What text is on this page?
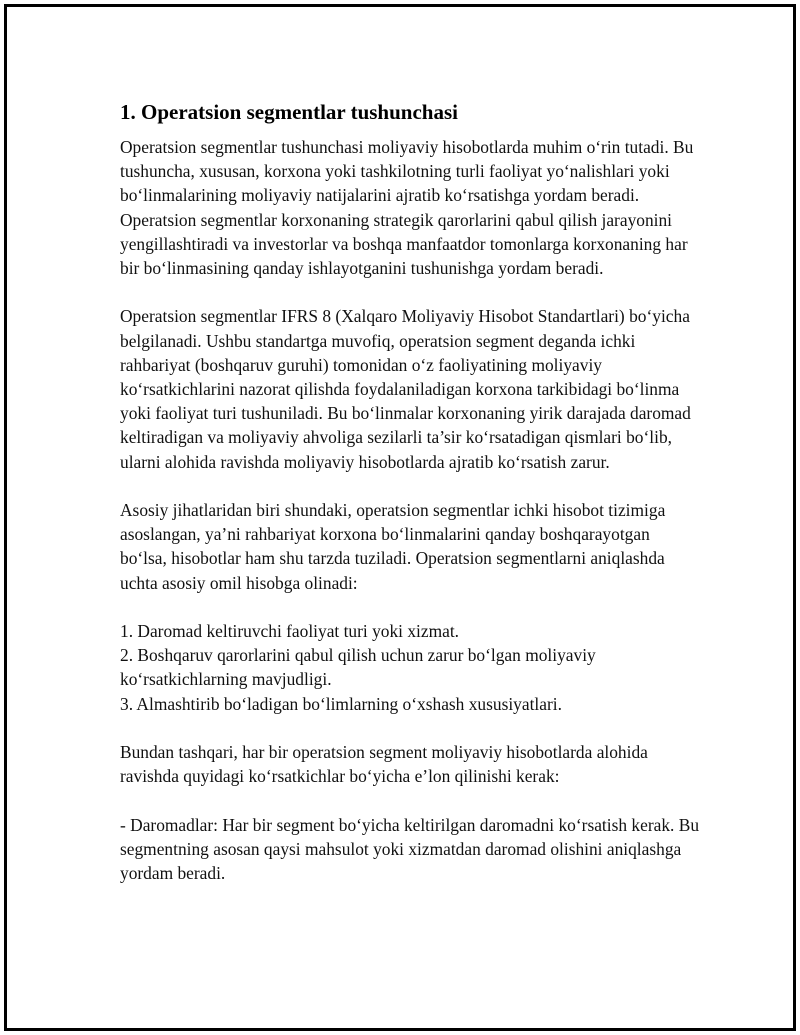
1. Operatsion segmentlar tushunchasi

Operatsion segmentlar tushunchasi moliyaviy hisobotlarda muhim o‘rin tutadi. Bu tushuncha, xususan, korxona yoki tashkilotning turli faoliyat yo‘nalishlari yoki bo‘linmalarining moliyaviy natijalarini ajratib ko‘rsatishga yordam beradi. Operatsion segmentlar korxonaning strategik qarorlarini qabul qilish jarayonini yengillashtiradi va investorlar va boshqa manfaatdor tomonlarga korxonaning har bir bo‘linmasining qanday ishlayotganini tushunishga yordam beradi.

Operatsion segmentlar IFRS 8 (Xalqaro Moliyaviy Hisobot Standartlari) bo‘yicha belgilanadi. Ushbu standartga muvofiq, operatsion segment deganda ichki rahbariyat (boshqaruv guruhi) tomonidan o‘z faoliyatining moliyaviy ko‘rsatkichlarini nazorat qilishda foydalaniladigan korxona tarkibidagi bo‘linma yoki faoliyat turi tushuniladi. Bu bo‘linmalar korxonaning yirik darajada daromad keltiradigan va moliyaviy ahvoliga sezilarli ta’sir ko‘rsatadigan qismlari bo‘lib, ularni alohida ravishda moliyaviy hisobotlarda ajratib ko‘rsatish zarur.

Asosiy jihatlaridan biri shundaki, operatsion segmentlar ichki hisobot tizimiga asoslangan, ya’ni rahbariyat korxona bo‘linmalarini qanday boshqarayotgan bo‘lsa, hisobotlar ham shu tarzda tuziladi. Operatsion segmentlarni aniqlashda uchta asosiy omil hisobga olinadi:

1. Daromad keltiruvchi faoliyat turi yoki xizmat.
2. Boshqaruv qarorlarini qabul qilish uchun zarur bo‘lgan moliyaviy ko‘rsatkichlarning mavjudligi.
3. Almashtirib bo‘ladigan bo‘limlarning o‘xshash xususiyatlari.

Bundan tashqari, har bir operatsion segment moliyaviy hisobotlarda alohida ravishda quyidagi ko‘rsatkichlar bo‘yicha e’lon qilinishi kerak:

- Daromadlar: Har bir segment bo‘yicha keltirilgan daromadni ko‘rsatish kerak. Bu segmentning asosan qaysi mahsulot yoki xizmatdan daromad olishini aniqlashga yordam beradi.
